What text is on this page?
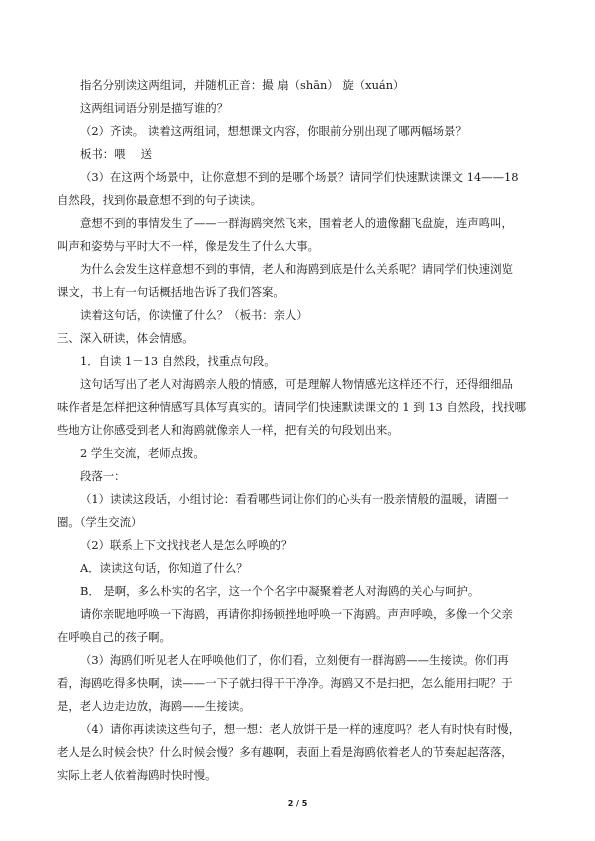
指名分别读这两组词，并随机正音：撮 扇（shān） 旋（xuán）
这两组词语分别是描写谁的？
（2）齐读。 读着这两组词，想想课文内容，你眼前分别出现了哪两幅场景？
板书：喂　 送
（3）在这两个场景中，让你意想不到的是哪个场景？请同学们快速默读课文 14——18
自然段，找到你最意想不到的句子读读。
意想不到的事情发生了——一群海鸥突然飞来，围着老人的遗像翻飞盘旋，连声鸣叫，
叫声和姿势与平时大不一样，像是发生了什么大事。
为什么会发生这样意想不到的事情，老人和海鸥到底是什么关系呢？请同学们快速浏览
课文，书上有一句话概括地告诉了我们答案。
读着这句话，你读懂了什么？（板书：亲人）
三、深入研读，体会情感。
1．自读 1－13 自然段，找重点句段。
这句话写出了老人对海鸥亲人般的情感，可是理解人物情感光这样还不行，还得细细品
味作者是怎样把这种情感写具体写真实的。请同学们快速默读课文的 1 到 13 自然段，找找哪
些地方让你感受到老人和海鸥就像亲人一样，把有关的句段划出来。
2 学生交流，老师点拨。
段落一：
（1）读读这段话，小组讨论：看看哪些词让你们的心头有一股亲情般的温暖，请圈一
圈。（学生交流）
（2）联系上下文找找老人是怎么呼唤的？
A．读读这句话，你知道了什么？
B． 是啊，多么朴实的名字，这一个个名字中凝聚着老人对海鸥的关心与呵护。
请你亲昵地呼唤一下海鸥，再请你抑扬顿挫地呼唤一下海鸥。声声呼唤，多像一个父亲
在呼唤自己的孩子啊。
（3）海鸥们听见老人在呼唤他们了，你们看，立刻便有一群海鸥——生接读。你们再
看，海鸥吃得多快啊，读——一下子就扫得干干净净。海鸥又不是扫把，怎么能用扫呢？于
是，老人边走边放，海鸥——生接读。
（4）请你再读读这些句子，想一想：老人放饼干是一样的速度吗？老人有时快有时慢，
老人是么时候会快？什么时候会慢？多有趣啊，表面上看是海鸥依着老人的节奏起起落落，
实际上老人依着海鸥时快时慢。
2 / 5
